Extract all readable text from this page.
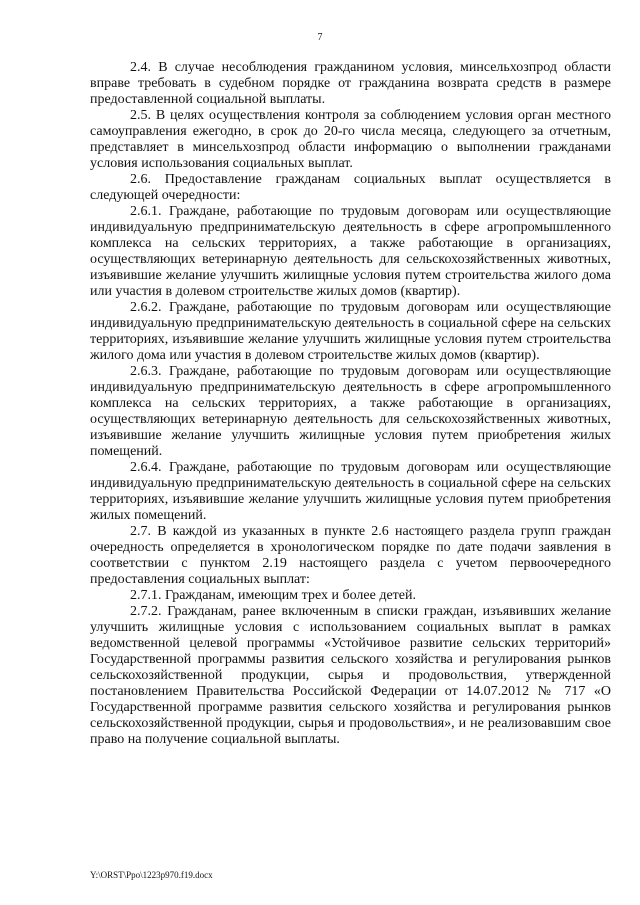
7

2.4. В случае несоблюдения гражданином условия, минсельхозпрод области вправе требовать в судебном порядке от гражданина возврата средств в размере предоставленной социальной выплаты.

2.5. В целях осуществления контроля за соблюдением условия орган местного самоуправления ежегодно, в срок до 20-го числа месяца, следующего за отчетным, представляет в минсельхозпрод области информацию о выполнении гражданами условия использования социальных выплат.

2.6. Предоставление гражданам социальных выплат осуществляется в следующей очередности:

2.6.1. Граждане, работающие по трудовым договорам или осуществляющие индивидуальную предпринимательскую деятельность в сфере агропромышленного комплекса на сельских территориях, а также работающие в организациях, осуществляющих ветеринарную деятельность для сельскохозяйственных животных, изъявившие желание улучшить жилищные условия путем строительства жилого дома или участия в долевом строительстве жилых домов (квартир).

2.6.2. Граждане, работающие по трудовым договорам или осуществляющие индивидуальную предпринимательскую деятельность в социальной сфере на сельских территориях, изъявившие желание улучшить жилищные условия путем строительства жилого дома или участия в долевом строительстве жилых домов (квартир).

2.6.3. Граждане, работающие по трудовым договорам или осуществляющие индивидуальную предпринимательскую деятельность в сфере агропромышленного комплекса на сельских территориях, а также работающие в организациях, осуществляющих ветеринарную деятельность для сельскохозяйственных животных, изъявившие желание улучшить жилищные условия путем приобретения жилых помещений.

2.6.4. Граждане, работающие по трудовым договорам или осуществляющие индивидуальную предпринимательскую деятельность в социальной сфере на сельских территориях, изъявившие желание улучшить жилищные условия путем приобретения жилых помещений.

2.7. В каждой из указанных в пункте 2.6 настоящего раздела групп граждан очередность определяется в хронологическом порядке по дате подачи заявления в соответствии с пунктом 2.19 настоящего раздела с учетом первоочередного предоставления социальных выплат:

2.7.1. Гражданам, имеющим трех и более детей.

2.7.2. Гражданам, ранее включенным в списки граждан, изъявивших желание улучшить жилищные условия с использованием социальных выплат в рамках ведомственной целевой программы «Устойчивое развитие сельских территорий» Государственной программы развития сельского хозяйства и регулирования рынков сельскохозяйственной продукции, сырья и продовольствия, утвержденной постановлением Правительства Российской Федерации от 14.07.2012 № 717 «О Государственной программе развития сельского хозяйства и регулирования рынков сельскохозяйственной продукции, сырья и продовольствия», и не реализовавшим свое право на получение социальной выплаты.

Y:\ORST\Ppo\1223p970.f19.docx
